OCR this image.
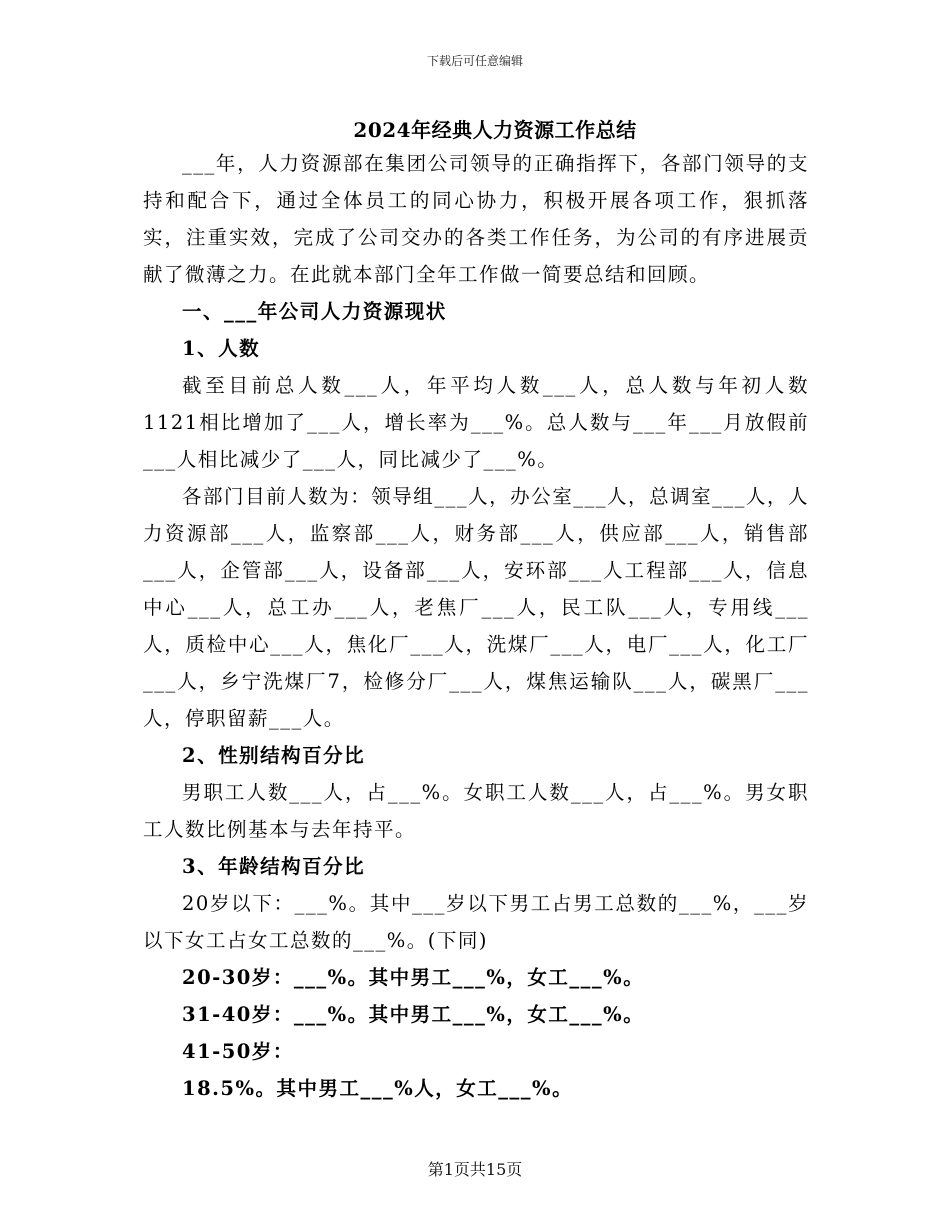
下载后可任意编辑
2024年经典人力资源工作总结

___年，人力资源部在集团公司领导的正确指挥下，各部门领导的支持和配合下，通过全体员工的同心协力，积极开展各项工作，狠抓落实，注重实效，完成了公司交办的各类工作任务，为公司的有序进展贡献了微薄之力。在此就本部门全年工作做一简要总结和回顾。

一、___年公司人力资源现状

1、人数

截至目前总人数___人，年平均人数___人，总人数与年初人数1121相比增加了___人，增长率为___%。总人数与___年___月放假前___人相比减少了___人，同比减少了___%。

各部门目前人数为：领导组___人，办公室___人，总调室___人，人力资源部___人，监察部___人，财务部___人，供应部___人，销售部___人，企管部___人，设备部___人，安环部___人工程部___人，信息中心___人，总工办___人，老焦厂___人，民工队___人，专用线___人，质检中心___人，焦化厂___人，洗煤厂___人，电厂___人，化工厂___人，乡宁洗煤厂7，检修分厂___人，煤焦运输队___人，碳黑厂___人，停职留薪___人。

2、性别结构百分比

男职工人数___人，占___%。女职工人数___人，占___%。男女职工人数比例基本与去年持平。

3、年龄结构百分比

20岁以下：___%。其中___岁以下男工占男工总数的___%，___岁以下女工占女工总数的___%。(下同)

20-30岁：___%。其中男工___%，女工___%。

31-40岁：___%。其中男工___%，女工___%。

41-50岁：

18.5%。其中男工___%人，女工___%。

第1页共15页
